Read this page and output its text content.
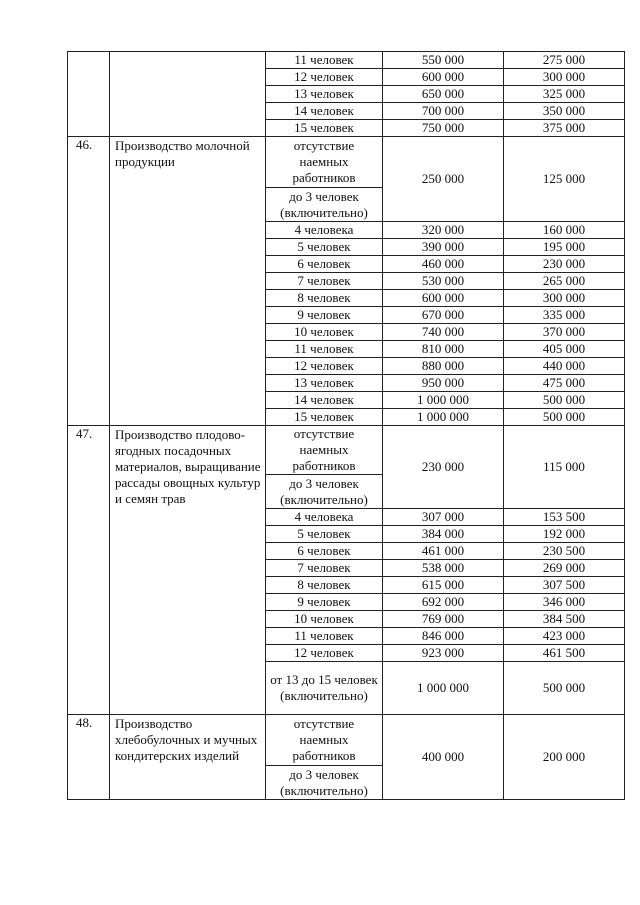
		11 человек	550 000	275 000
		12 человек	600 000	300 000
		13 человек	650 000	325 000
		14 человек	700 000	350 000
		15 человек	750 000	375 000
46.	Производство молочной продукции	отсутствие наемных работников	250 000	125 000
		до 3 человек (включительно)		
		4 человека	320 000	160 000
		5 человек	390 000	195 000
		6 человек	460 000	230 000
		7 человек	530 000	265 000
		8 человек	600 000	300 000
		9 человек	670 000	335 000
		10 человек	740 000	370 000
		11 человек	810 000	405 000
		12 человек	880 000	440 000
		13 человек	950 000	475 000
		14 человек	1 000 000	500 000
		15 человек	1 000 000	500 000
47.	Производство плодово-ягодных посадочных материалов, выращивание рассады овощных культур и семян трав	отсутствие наемных работников	230 000	115 000
		до 3 человек (включительно)		
		4 человека	307 000	153 500
		5 человек	384 000	192 000
		6 человек	461 000	230 500
		7 человек	538 000	269 000
		8 человек	615 000	307 500
		9 человек	692 000	346 000
		10 человек	769 000	384 500
		11 человек	846 000	423 000
		12 человек	923 000	461 500
		от 13 до 15 человек (включительно)	1 000 000	500 000
48.	Производство хлебобулочных и мучных кондитерских изделий	отсутствие наемных работников	400 000	200 000
		до 3 человек (включительно)		
